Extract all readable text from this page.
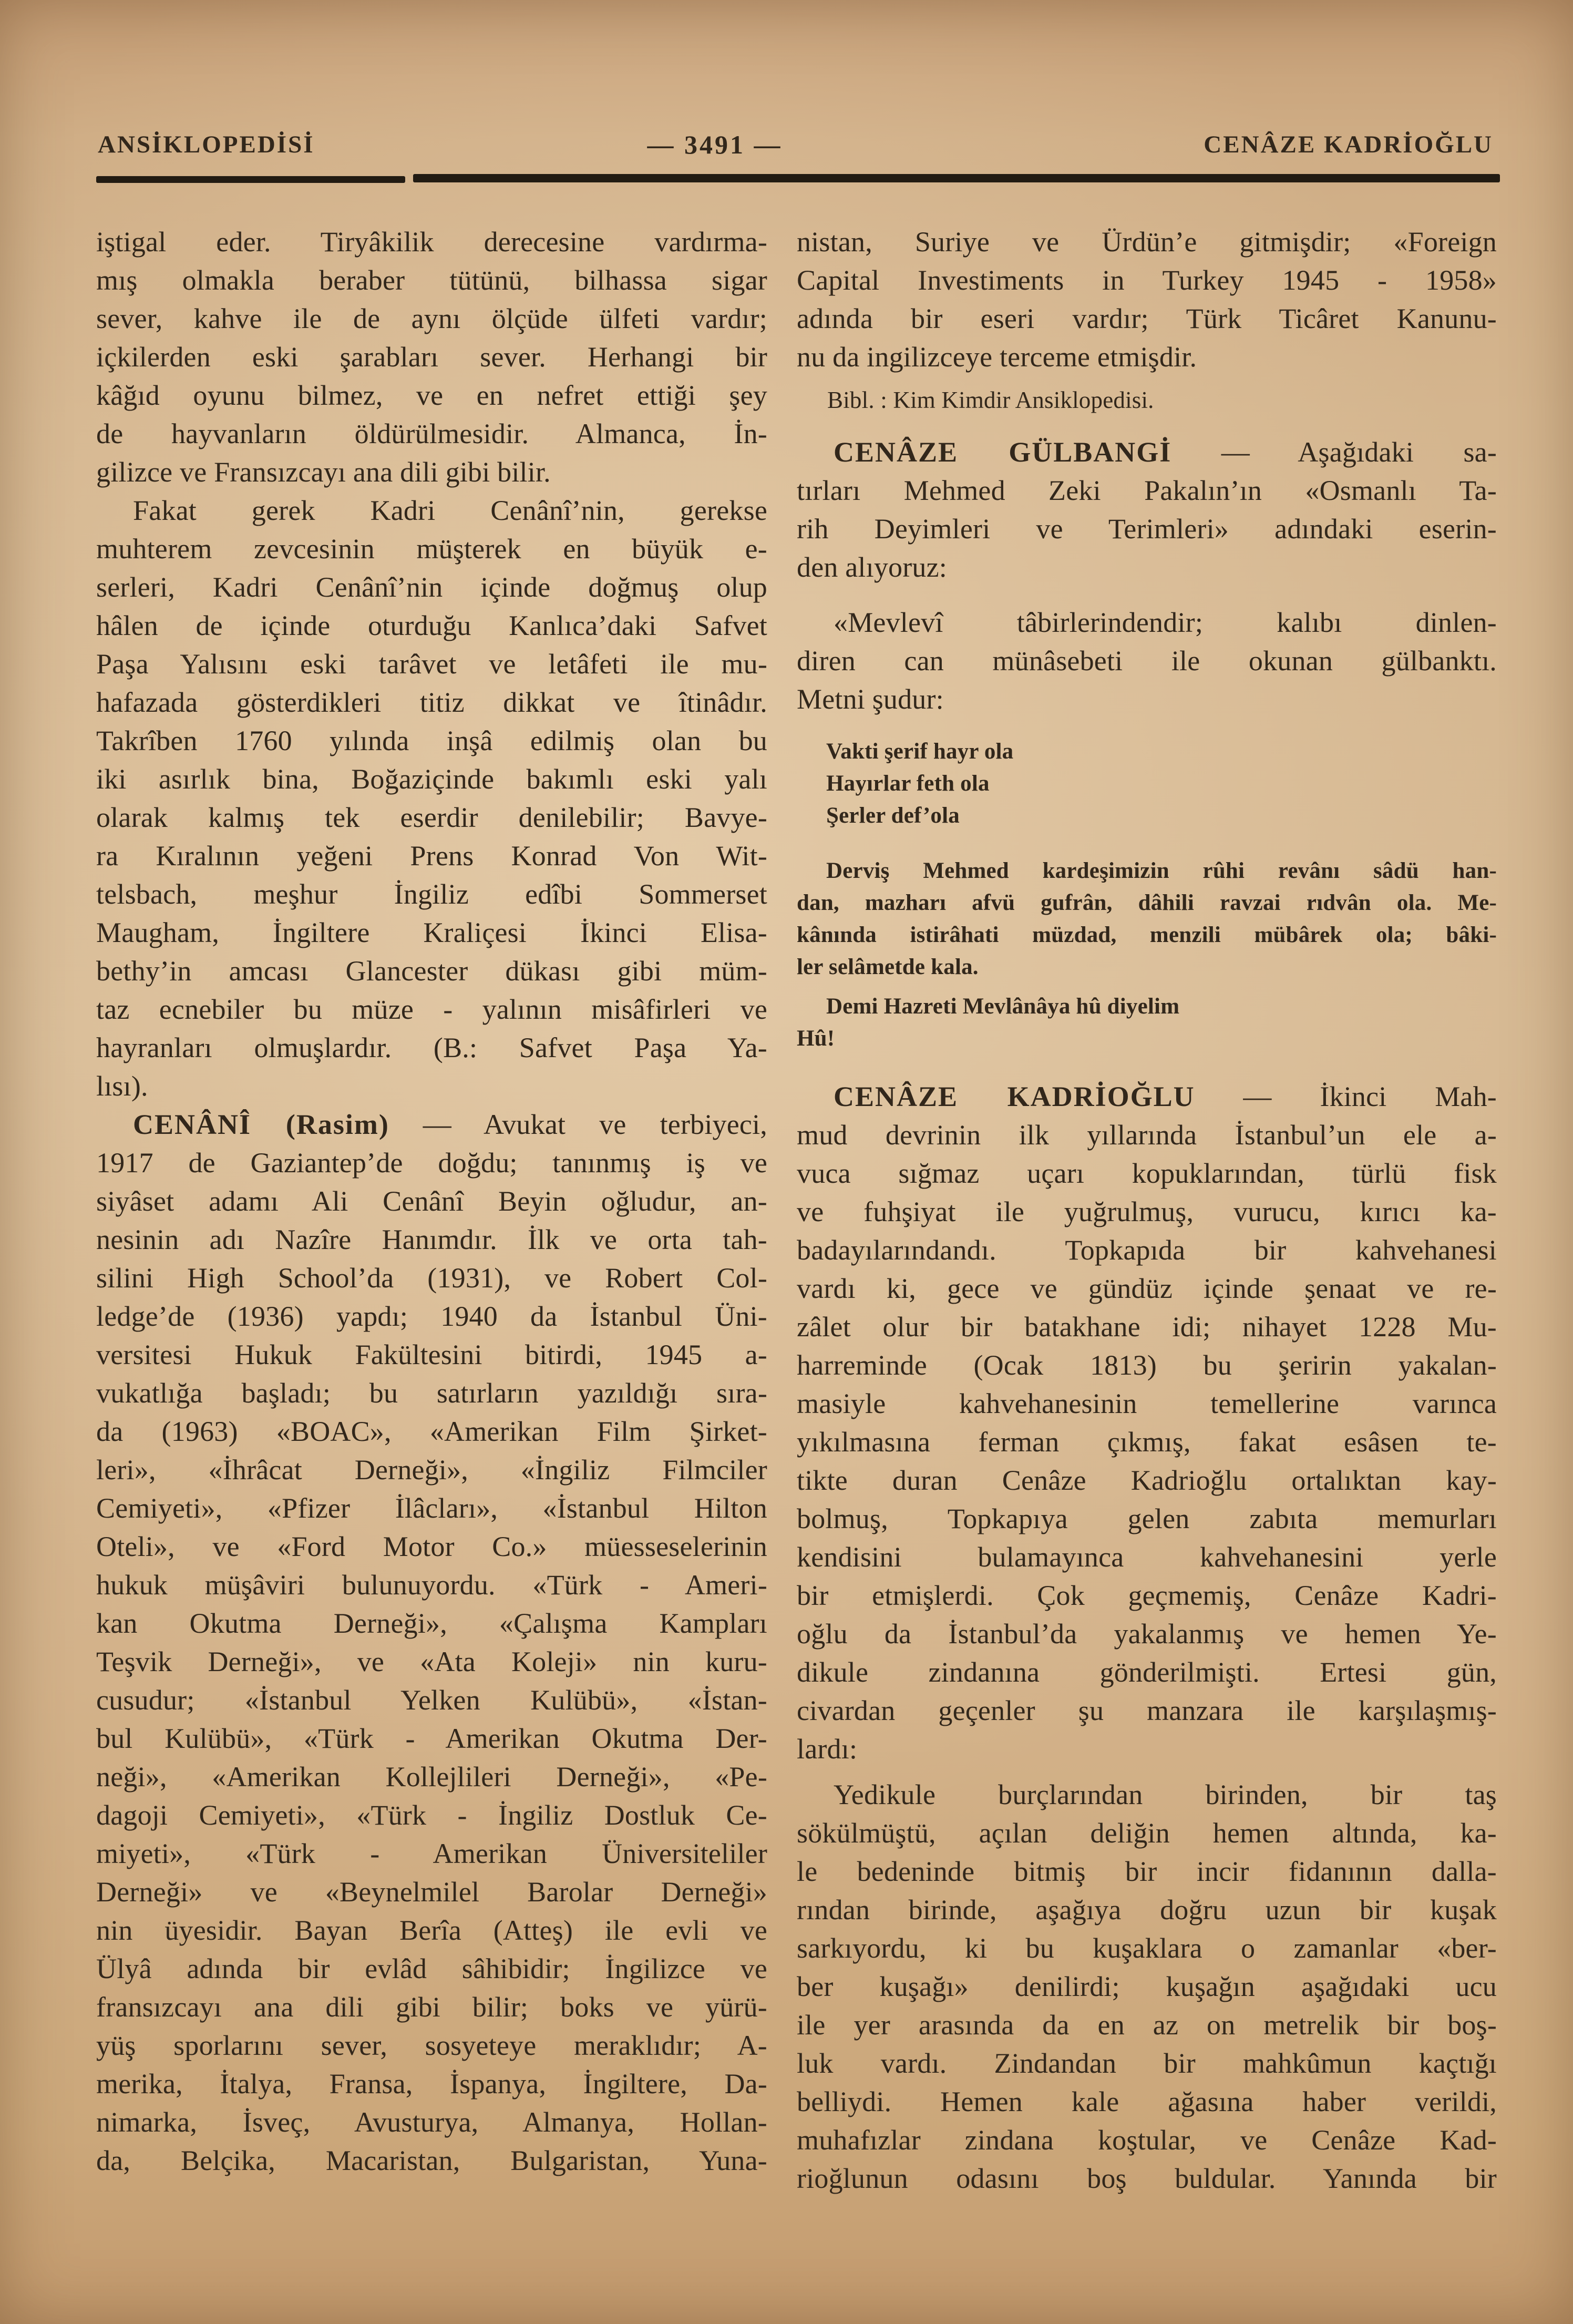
ANSİKLOPEDİSİ	— 3491 —	CENÂZE KADRİOĞLU
iştigal eder. Tiryâkilik derecesine vardırma-
mış olmakla beraber tütünü, bilhassa sigar
sever, kahve ile de aynı ölçüde ülfeti vardır;
içkilerden eski şarabları sever. Herhangi bir
kâğıd oyunu bilmez, ve en nefret ettiği şey
de hayvanların öldürülmesidir. Almanca, İn-
gilizce ve Fransızcayı ana dili gibi bilir.
Fakat gerek Kadri Cenânî’nin, gerekse
muhterem zevcesinin müşterek en büyük e-
serleri, Kadri Cenânî’nin içinde doğmuş olup
hâlen de içinde oturduğu Kanlıca’daki Safvet
Paşa Yalısını eski tarâvet ve letâfeti ile mu-
hafazada gösterdikleri titiz dikkat ve îtinâdır.
Takrîben 1760 yılında inşâ edilmiş olan bu
iki asırlık bina, Boğaziçinde bakımlı eski yalı
olarak kalmış tek eserdir denilebilir; Bavye-
ra Kıralının yeğeni Prens Konrad Von Wit-
telsbach, meşhur İngiliz edîbi Sommerset
Maugham, İngiltere Kraliçesi İkinci Elisa-
bethy’in amcası Glancester dükası gibi müm-
taz ecnebiler bu müze - yalının misâfirleri ve
hayranları olmuşlardır. (B.: Safvet Paşa Ya-
lısı).
CENÂNÎ (Rasim) — Avukat ve terbiyeci,
1917 de Gaziantep’de doğdu; tanınmış iş ve
siyâset adamı Ali Cenânî Beyin oğludur, an-
nesinin adı Nazîre Hanımdır. İlk ve orta tah-
silini High School’da (1931), ve Robert Col-
ledge’de (1936) yapdı; 1940 da İstanbul Üni-
versitesi Hukuk Fakültesini bitirdi, 1945 a-
vukatlığa başladı; bu satırların yazıldığı sıra-
da (1963) «BOAC», «Amerikan Film Şirket-
leri», «İhrâcat Derneği», «İngiliz Filmciler
Cemiyeti», «Pfizer İlâcları», «İstanbul Hilton
Oteli», ve «Ford Motor Co.» müesseselerinin
hukuk müşâviri bulunuyordu. «Türk - Ameri-
kan Okutma Derneği», «Çalışma Kampları
Teşvik Derneği», ve «Ata Koleji» nin kuru-
cusudur; «İstanbul Yelken Kulübü», «İstan-
bul Kulübü», «Türk - Amerikan Okutma Der-
neği», «Amerikan Kollejlileri Derneği», «Pe-
dagoji Cemiyeti», «Türk - İngiliz Dostluk Ce-
miyeti», «Türk - Amerikan Üniversiteliler
Derneği» ve «Beynelmilel Barolar Derneği»
nin üyesidir. Bayan Berîa (Atteş) ile evli ve
Ülyâ adında bir evlâd sâhibidir; İngilizce ve
fransızcayı ana dili gibi bilir; boks ve yürü-
yüş sporlarını sever, sosyeteye meraklıdır; A-
merika, İtalya, Fransa, İspanya, İngiltere, Da-
nimarka, İsveç, Avusturya, Almanya, Hollan-
da, Belçika, Macaristan, Bulgaristan, Yuna-
nistan, Suriye ve Ürdün’e gitmişdir; «Foreign
Capital Investiments in Turkey 1945 - 1958»
adında bir eseri vardır; Türk Ticâret Kanunu-
nu da ingilizceye terceme etmişdir.
Bibl. : Kim Kimdir Ansiklopedisi.
CENÂZE GÜLBANGİ — Aşağıdaki sa-
tırları Mehmed Zeki Pakalın’ın «Osmanlı Ta-
rih Deyimleri ve Terimleri» adındaki eserin-
den alıyoruz:
«Mevlevî tâbirlerindendir; kalıbı dinlen-
diren can münâsebeti ile okunan gülbanktı.
Metni şudur:
Vakti şerif hayr ola
Hayırlar feth ola
Şerler def’ola
Derviş Mehmed kardeşimizin rûhi revânı sâdü han-
dan, mazharı afvü gufrân, dâhili ravzai rıdvân ola. Me-
kânında istirâhati müzdad, menzili mübârek ola; bâki-
ler selâmetde kala.
Demi Hazreti Mevlânâya hû diyelim
Hû!
CENÂZE KADRİOĞLU — İkinci Mah-
mud devrinin ilk yıllarında İstanbul’un ele a-
vuca sığmaz uçarı kopuklarından, türlü fisk
ve fuhşiyat ile yuğrulmuş, vurucu, kırıcı ka-
badayılarındandı. Topkapıda bir kahvehanesi
vardı ki, gece ve gündüz içinde şenaat ve re-
zâlet olur bir batakhane idi; nihayet 1228 Mu-
harreminde (Ocak 1813) bu şeririn yakalan-
masiyle kahvehanesinin temellerine varınca
yıkılmasına ferman çıkmış, fakat esâsen te-
tikte duran Cenâze Kadrioğlu ortalıktan kay-
bolmuş, Topkapıya gelen zabıta memurları
kendisini bulamayınca kahvehanesini yerle
bir etmişlerdi. Çok geçmemiş, Cenâze Kadri-
oğlu da İstanbul’da yakalanmış ve hemen Ye-
dikule zindanına gönderilmişti. Ertesi gün,
civardan geçenler şu manzara ile karşılaşmış-
lardı:
Yedikule burçlarından birinden, bir taş
sökülmüştü, açılan deliğin hemen altında, ka-
le bedeninde bitmiş bir incir fidanının dalla-
rından birinde, aşağıya doğru uzun bir kuşak
sarkıyordu, ki bu kuşaklara o zamanlar «ber-
ber kuşağı» denilirdi; kuşağın aşağıdaki ucu
ile yer arasında da en az on metrelik bir boş-
luk vardı. Zindandan bir mahkûmun kaçtığı
belliydi. Hemen kale ağasına haber verildi,
muhafızlar zindana koştular, ve Cenâze Kad-
rioğlunun odasını boş buldular. Yanında bir
